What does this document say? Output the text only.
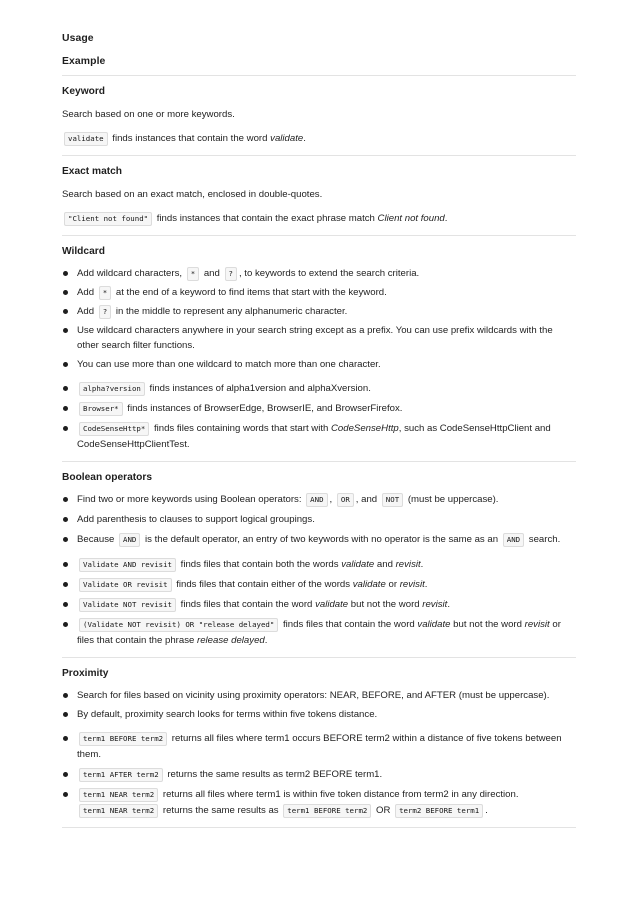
Usage
Example
Keyword
Search based on one or more keywords.
validate finds instances that contain the word validate.
Exact match
Search based on an exact match, enclosed in double-quotes.
"Client not found" finds instances that contain the exact phrase match Client not found.
Wildcard
Add wildcard characters, * and ? , to keywords to extend the search criteria.
Add * at the end of a keyword to find items that start with the keyword.
Add ? in the middle to represent any alphanumeric character.
Use wildcard characters anywhere in your search string except as a prefix. You can use prefix wildcards with the other search filter functions.
You can use more than one wildcard to match more than one character.
alpha?version finds instances of alpha1version and alphaXversion.
Browser* finds instances of BrowserEdge, BrowserIE, and BrowserFirefox.
CodeSenseHttp* finds files containing words that start with CodeSenseHttp, such as CodeSenseHttpClient and CodeSenseHttpClientTest.
Boolean operators
Find two or more keywords using Boolean operators: AND , OR , and NOT (must be uppercase).
Add parenthesis to clauses to support logical groupings.
Because AND is the default operator, an entry of two keywords with no operator is the same as an AND search.
Validate AND revisit finds files that contain both the words validate and revisit.
Validate OR revisit finds files that contain either of the words validate or revisit.
Validate NOT revisit finds files that contain the word validate but not the word revisit.
(Validate NOT revisit) OR "release delayed" finds files that contain the word validate but not the word revisit or files that contain the phrase release delayed.
Proximity
Search for files based on vicinity using proximity operators: NEAR, BEFORE, and AFTER (must be uppercase).
By default, proximity search looks for terms within five tokens distance.
term1 BEFORE term2 returns all files where term1 occurs BEFORE term2 within a distance of five tokens between them.
term1 AFTER term2 returns the same results as term2 BEFORE term1.
term1 NEAR term2 returns all files where term1 is within five token distance from term2 in any direction.
term1 NEAR term2 returns the same results as term1 BEFORE term2 OR term2 BEFORE term1 .
